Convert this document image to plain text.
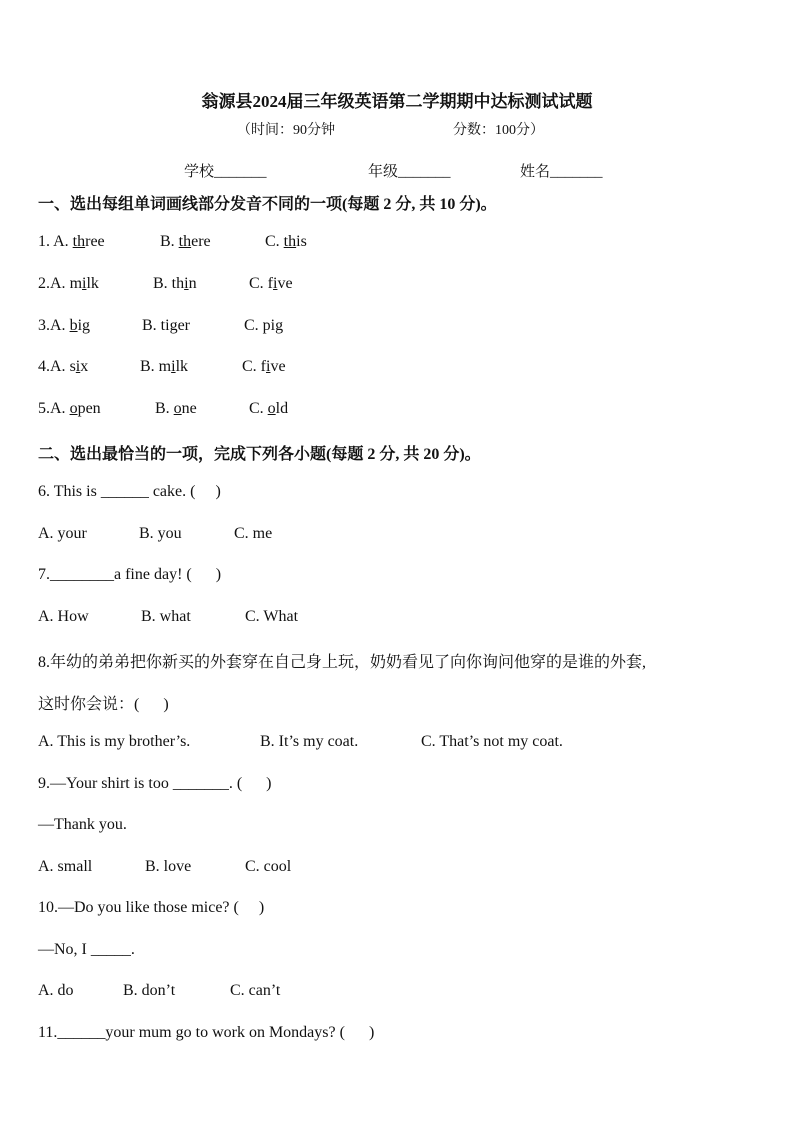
翁源县2024届三年级英语第二学期期中达标测试试题
（时间：90分钟	分数：100分）
学校_______	年级_______	姓名_______
一、选出每组单词画线部分发音不同的一项(每题 2 分, 共 10 分)。
1. A. three	B. there	C. this
2.A. milk	B. thin	C. five
3.A. big	B. tiger	C. pig
4.A. six	B. milk	C. five
5.A. open	B. one	C. old
二、选出最恰当的一项，完成下列各小题(每题 2 分, 共 20 分)。
6. This is ______ cake. (     )
A. your	B. you	C. me
7.________a fine day! (      )
A. How	B. what	C. What
8.年幼的弟弟把你新买的外套穿在自己身上玩，奶奶看见了向你询问他穿的是谁的外套,
这时你会说：(      )
A. This is my brother’s.	B. It’s my coat.	C. That’s not my coat.
9.—Your shirt is too _______. (      )
—Thank you.
A. small	B. love	C. cool
10.—Do you like those mice? (     )
—No, I _____.
A. do	B. don’t	C. can’t
11.______your mum go to work on Mondays? (      )
